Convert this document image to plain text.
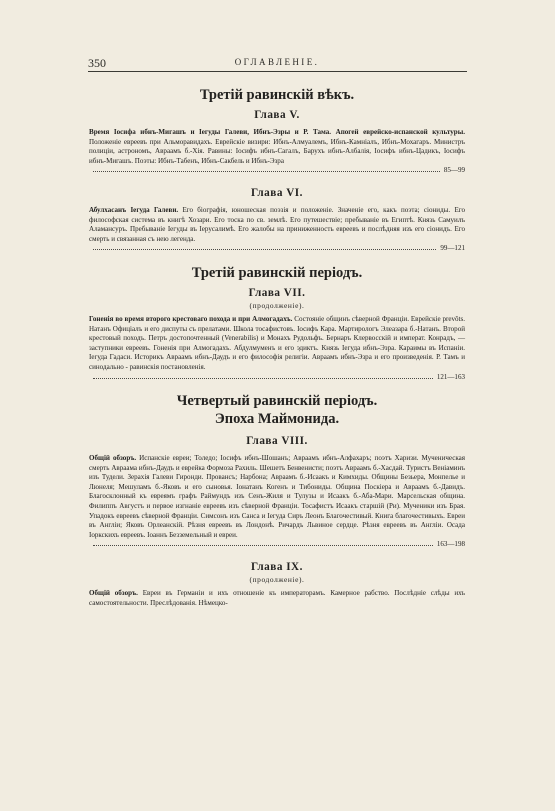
350	ОГЛАВЛЕНІЕ.
Третій равинскій вѣкъ.

Глава V.

Время Іосифа ибнъ-Мигашъ и Іегуды Галеви, Ибнъ-Эзры и Р. Тама. Апогей еврейско-испанской культуры. Положеніе евреевъ при Альморавидахъ. Еврейскіе визири: Ибнъ-Алмуалемъ, Ибнъ-Камніалъ, Ибнъ-Мохагаръ. Министръ полиціи, астрономъ, Авраамъ б.-Хія. Равины: Іосифъ ибнъ-Сагалъ, Барухъ ибнъ-Албалія, Іосифъ ибнъ-Цадикъ, Іосифъ ибнъ-Мигашъ. Поэты: Ибнъ-Табенъ, Ибнъ-Сакбель и Ибнъ-Эзра

85—99

Глава VI.

Абулхасанъ Іегуда Галеви. Его біографія, юношеская поэзія и положеніе. Значеніе его, какъ поэта; сіониды. Его философская система въ книгѣ Хозари. Его тоска по св. землѣ. Его путешествіе; пребываніе въ Египтѣ. Князь Самуилъ Аламансуръ. Пребываніе Іегуды въ Іерусалимѣ. Его жалобы на приниженность евреевъ и послѣдняя изъ его сіонидъ. Его смерть и связанная съ нею легенда.

99—121
Третій равинскій періодъ.

Глава VII.

(продолженіе).

Гоненія во время второго крестоваго похода и при Алмогадахъ. Состояніе общинъ сѣверной Франціи. Еврейскіе prevôts. Натанъ Офиціалъ и его диспуты съ прелатами. Школа тосафистовъ. Іосифъ Кара. Мартирологъ Элеазара б.-Натанъ. Второй крестовый походъ. Петръ достопочтенный (Venerabilis) и Монахъ Рудольфъ. Бернаръ Клервосскій и императ. Конрадъ, — заступники евреевъ. Гоненія при Алмогадахъ. Абдулмуменъ и его эдиктъ. Князь Іегуда ибнъ-Эзра. Караимы въ Испаніи. Іегуда Гадаси. Историкъ Авраамъ ибнъ-Даудъ и его философія религіи. Авраамъ ибнъ-Эзра и его произведенія. Р. Тамъ и синодально - равинскія постановленія.

121—163
Четвертый равинскій періодъ.
Эпоха Маймонида.

Глава VIII.

Общій обзоръ. Испанскіе евреи; Толедо; Іосифъ ибнъ-Шошанъ; Авраамъ ибнъ-Алфахаръ; поэтъ Харизи. Мученическая смерть Авраама ибнъ-Даудъ и еврейка Формоза Рахиль. Шешетъ Бенвенисти; поэтъ Авраамъ б.-Хасдай. Туристъ Веніаминъ изъ Тудели. Зерахія Галеви Гиронди. Провансъ; Нарбона; Авраамъ б.-Исаакъ и Кимхиды. Общины Безьера, Монпелье и Люнеля; Мешуламъ б.-Яковъ и его сыновья. Іонатанъ Когенъ и Тибониды. Община Поскіера и Авраамъ б.-Давидъ. Благосклонный къ евреямъ графъ Раймундъ изъ Сенъ-Жиля и Тулузы и Исаакъ б.-Аба-Мари. Марсельская община. Филиппъ Августъ и первое изгнаніе евреевъ изъ сѣверной Франціи. Тосафистъ Исаакъ старшій (Ри). Мученики изъ Брая. Упадокъ евреевъ сѣверной Франціи. Симсонъ изъ Санса и Іегуда Сиръ Леонъ Благочестивый. Книга благочестивыхъ. Евреи въ Англіи; Яковъ Орлеанскій. Рѣзня евреевъ въ Лондонѣ. Ричардъ Львиное сердце. Рѣзня евреевъ въ Англіи. Осада Іоркскихъ евреевъ. Іоаннъ Безземельный и евреи.

163—198

Глава IX.

(продолженіе).

Общій обзоръ. Евреи въ Германіи и ихъ отношеніе къ императорамъ. Камерное рабство. Послѣдніе слѣды ихъ самостоятельности. Преслѣдованія. Нѣмецко-
